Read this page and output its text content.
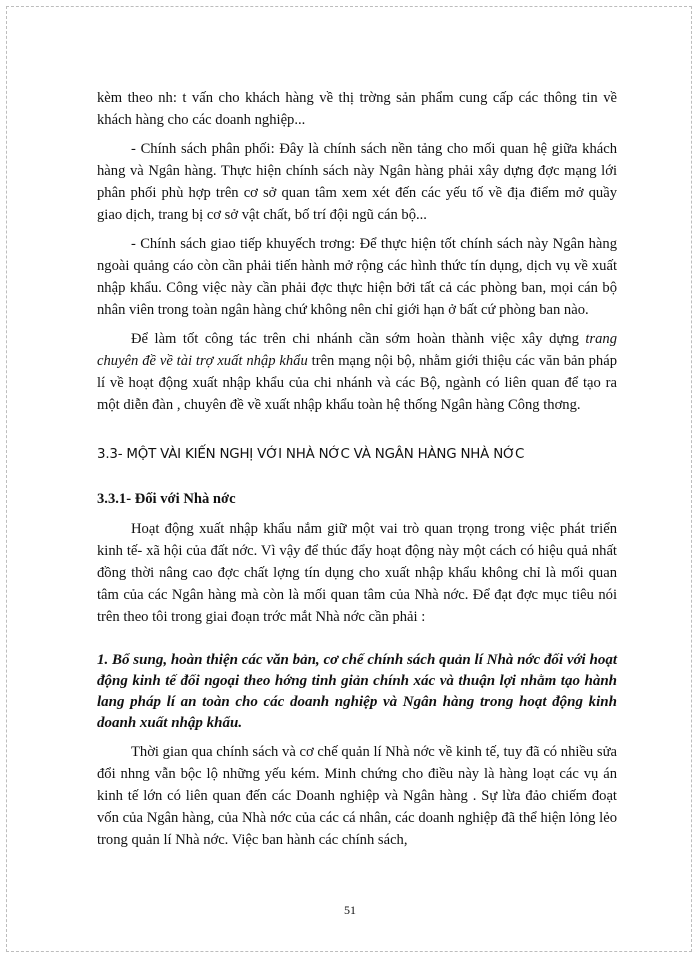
kèm theo nh: t vấn cho khách hàng về thị trờng sản phẩm cung cấp các thông tin về khách hàng cho các doanh nghiệp...

- Chính sách phân phối: Đây là chính sách nền tảng cho mối quan hệ giữa khách hàng và Ngân hàng. Thực hiện chính sách này Ngân hàng phải xây dựng đợc mạng lới phân phối phù hợp trên cơ sở quan tâm xem xét đến các yếu tố về địa điểm mở quầy giao dịch, trang bị cơ sở vật chất, bố trí đội ngũ cán bộ...

- Chính sách giao tiếp khuyếch trơng: Để thực hiện tốt chính sách này Ngân hàng ngoài quảng cáo còn cần phải tiến hành mở rộng các hình thức tín dụng, dịch vụ về xuất nhập khẩu. Công việc này cần phải đợc thực hiện bởi tất cả các phòng ban, mọi cán bộ nhân viên trong toàn ngân hàng chứ không nên chỉ giới hạn ở bất cứ phòng ban nào.

Để làm tốt công tác trên chi nhánh cần sớm hoàn thành việc xây dựng trang chuyên đề về tài trợ xuất nhập khẩu trên mạng nội bộ, nhằm giới thiệu các văn bản pháp lí về hoạt động xuất nhập khẩu của chi nhánh và các Bộ, ngành có liên quan để tạo ra một diễn đàn , chuyên đề về xuất nhập khẩu toàn hệ thống Ngân hàng Công thơng.

3.3- MỘT VÀI KIẾN NGHỊ VỚI NHÀ NỚC VÀ NGÂN HÀNG NHÀ NỚC

3.3.1- Đối với Nhà nớc

Hoạt động xuất nhập khẩu nắm giữ một vai trò quan trọng trong việc phát triển kinh tế- xã hội của đất nớc. Vì vậy để thúc đẩy hoạt động này một cách có hiệu quả nhất đồng thời nâng cao đợc chất lợng tín dụng cho xuất nhập khẩu không chỉ là mối quan tâm của các Ngân hàng mà còn là mối quan tâm của Nhà nớc. Để đạt đợc mục tiêu nói trên theo tôi trong giai đoạn trớc mắt Nhà nớc cần phải :

1. Bổ sung, hoàn thiện các văn bản, cơ chế chính sách quản lí Nhà nớc đối với hoạt động kinh tế đối ngoại theo hớng tinh giản chính xác và thuận lợi nhằm tạo hành lang pháp lí an toàn cho các doanh nghiệp và Ngân hàng trong hoạt động kinh doanh xuất nhập khẩu.

Thời gian qua chính sách và cơ chế quản lí Nhà nớc về kinh tế, tuy đã có nhiều sửa đổi nhng vẫn bộc lộ những yếu kém. Minh chứng cho điều này là hàng loạt các vụ án kinh tế lớn có liên quan đến các Doanh nghiệp và Ngân hàng . Sự lừa đảo chiếm đoạt vốn của Ngân hàng, của Nhà nớc của các cá nhân, các doanh nghiệp đã thể hiện lỏng lẻo trong quản lí Nhà nớc. Việc ban hành các chính sách,

51
